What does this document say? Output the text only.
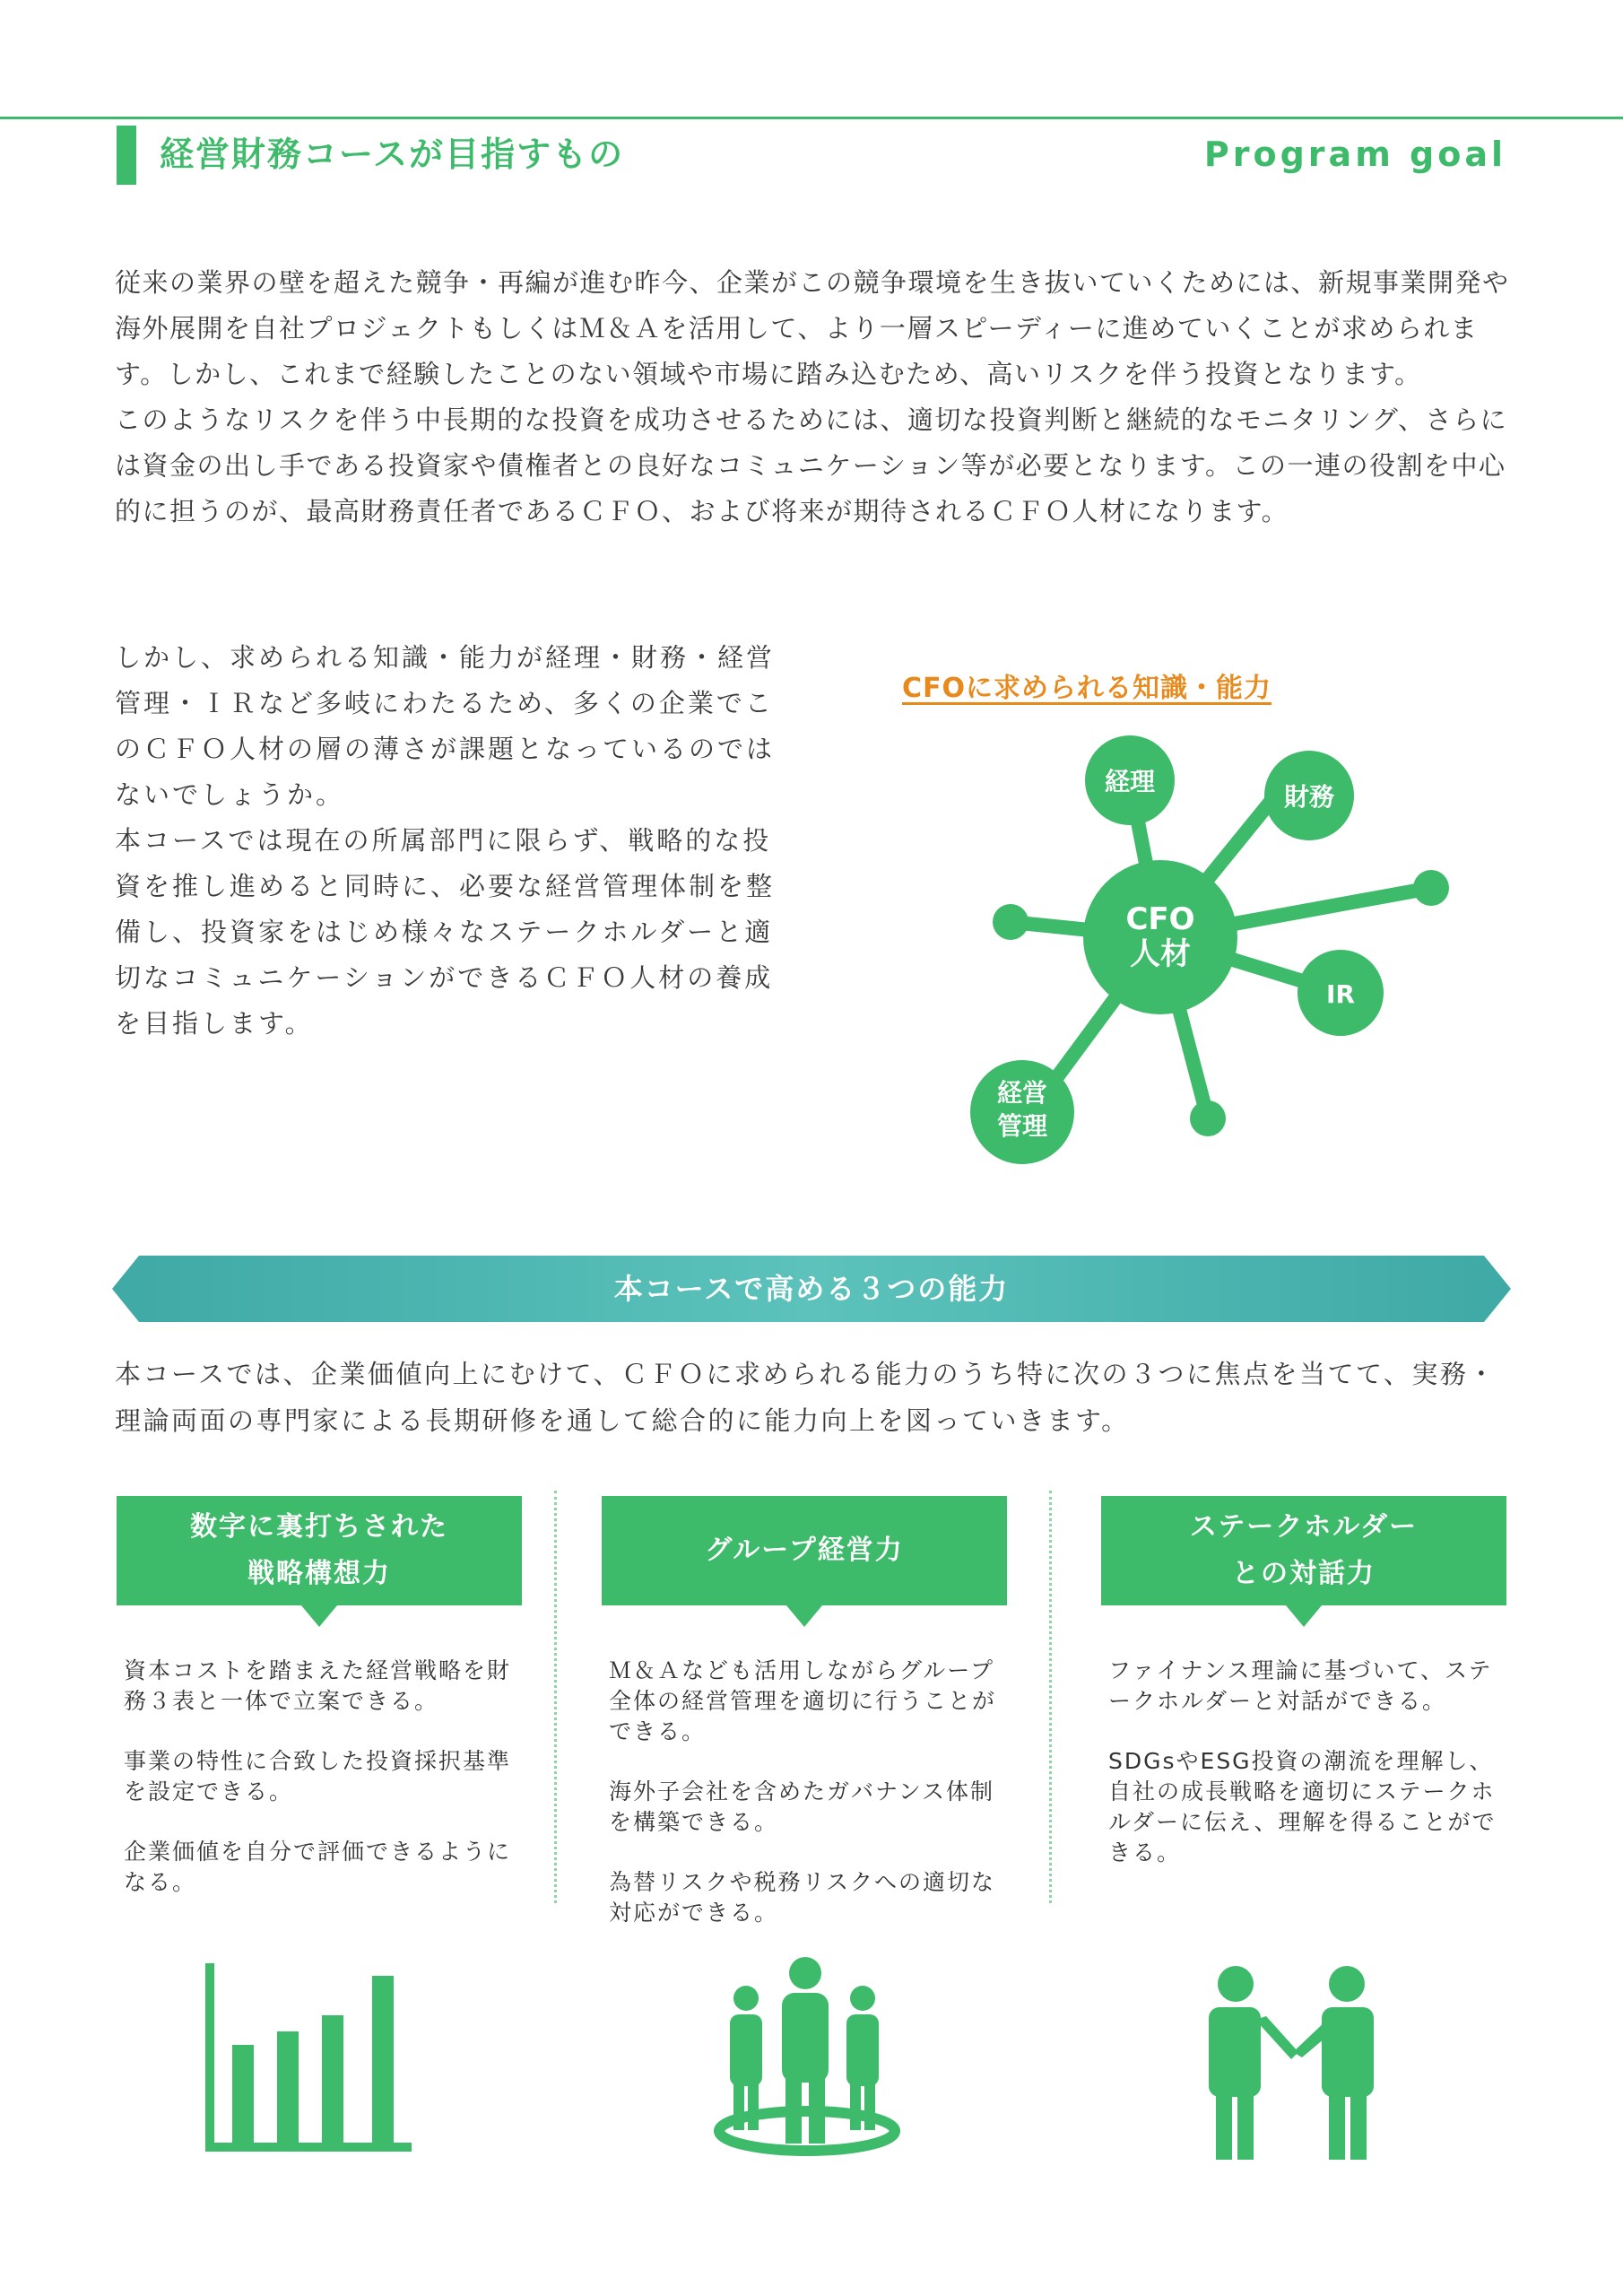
経営財務コースが目指すもの	Program goal

従来の業界の壁を超えた競争・再編が進む昨今、企業がこの競争環境を生き抜いていくためには、新規事業開発や海外展開を自社プロジェクトもしくはＭ＆Ａを活用して、より一層スピーディーに進めていくことが求められます。しかし、これまで経験したことのない領域や市場に踏み込むため、高いリスクを伴う投資となります。

このようなリスクを伴う中長期的な投資を成功させるためには、適切な投資判断と継続的なモニタリング、さらには資金の出し手である投資家や債権者との良好なコミュニケーション等が必要となります。この一連の役割を中心的に担うのが、最高財務責任者であるＣＦＯ、および将来が期待されるＣＦＯ人材になります。

しかし、求められる知識・能力が経理・財務・経営管理・ＩＲなど多岐にわたるため、多くの企業でこのＣＦＯ人材の層の薄さが課題となっているのではないでしょうか。

本コースでは現在の所属部門に限らず、戦略的な投資を推し進めると同時に、必要な経営管理体制を整備し、投資家をはじめ様々なステークホルダーと適切なコミュニケーションができるＣＦＯ人材の養成を目指します。

CFOに求められる知識・能力
経理
財務
IR
経営
管理
CFO
人材
本コースで高める３つの能力

本コースでは、企業価値向上にむけて、ＣＦＯに求められる能力のうち特に次の３つに焦点を当てて、実務・理論両面の専門家による長期研修を通して総合的に能力向上を図っていきます。

数字に裏打ちされた
戦略構想力

資本コストを踏まえた経営戦略を財務３表と一体で立案できる。

事業の特性に合致した投資採択基準を設定できる。

企業価値を自分で評価できるようになる。

グループ経営力

Ｍ＆Ａなども活用しながらグループ全体の経営管理を適切に行うことができる。

海外子会社を含めたガバナンス体制を構築できる。

為替リスクや税務リスクへの適切な対応ができる。

ステークホルダー
との対話力

ファイナンス理論に基づいて、ステークホルダーと対話ができる。

SDGsやESG投資の潮流を理解し、自社の成長戦略を適切にステークホルダーに伝え、理解を得ることができる。
